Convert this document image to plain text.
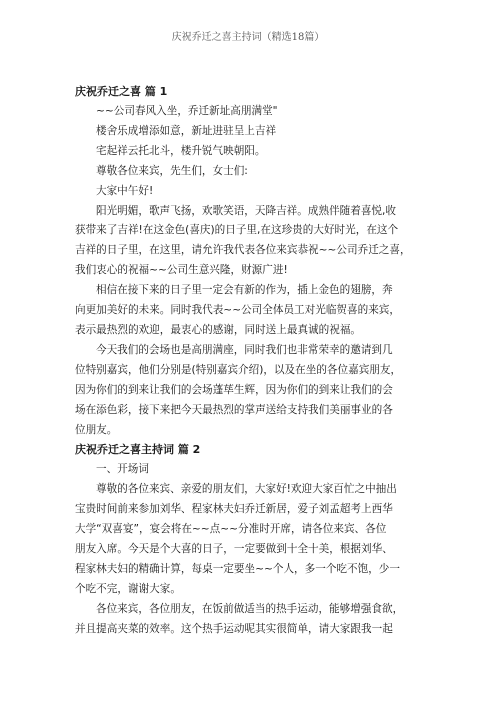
庆祝乔迁之喜主持词（精选18篇）

庆祝乔迁之喜 篇 1

~~公司春风入坐，乔迁新址高朋满堂"

楼舍乐成增添如意，新址进驻呈上吉祥

宅起祥云托北斗，楼升锐气映朝阳。

尊敬各位来宾，先生们，女士们:

大家中午好!

阳光明媚，歌声飞扬，欢歌笑语，天降吉祥。成熟伴随着喜悦,收

获带来了吉祥!在这金色(喜庆)的日子里,在这珍贵的大好时光，在这个

吉祥的日子里，在这里，请允许我代表各位来宾恭祝~~公司乔迁之喜，

我们衷心的祝福~~公司生意兴隆，财源广进!

相信在接下来的日子里一定会有新的作为，插上金色的翅膀，奔

向更加美好的未来。同时我代表~~公司全体员工对光临贺喜的来宾，

表示最热烈的欢迎，最衷心的感谢，同时送上最真诚的祝福。

今天我们的会场也是高朋满座，同时我们也非常荣幸的邀请到几

位特别嘉宾，他们分别是(特别嘉宾介绍)，以及在坐的各位嘉宾朋友，

因为你们的到来让我们的会场蓬荜生辉，因为你们的到来让我们的会

场在添色彩，接下来把今天最热烈的掌声送给支持我们美丽事业的各

位朋友。

庆祝乔迁之喜主持词 篇 2

一、开场词

尊敬的各位来宾、亲爱的朋友们，大家好!欢迎大家百忙之中抽出

宝贵时间前来参加刘华、程家林夫妇乔迁新居，爱子刘孟超考上西华

大学“双喜宴”，宴会将在~~点~~分准时开席，请各位来宾、各位

朋友入席。今天是个大喜的日子，一定要做到十全十美，根据刘华、

程家林夫妇的精确计算，每桌一定要坐~~个人，多一个吃不饱，少一

个吃不完，谢谢大家。

各位来宾，各位朋友，在饭前做适当的热手运动，能够增强食欲，

并且提高夹菜的效率。这个热手运动呢其实很简单，请大家跟我一起
